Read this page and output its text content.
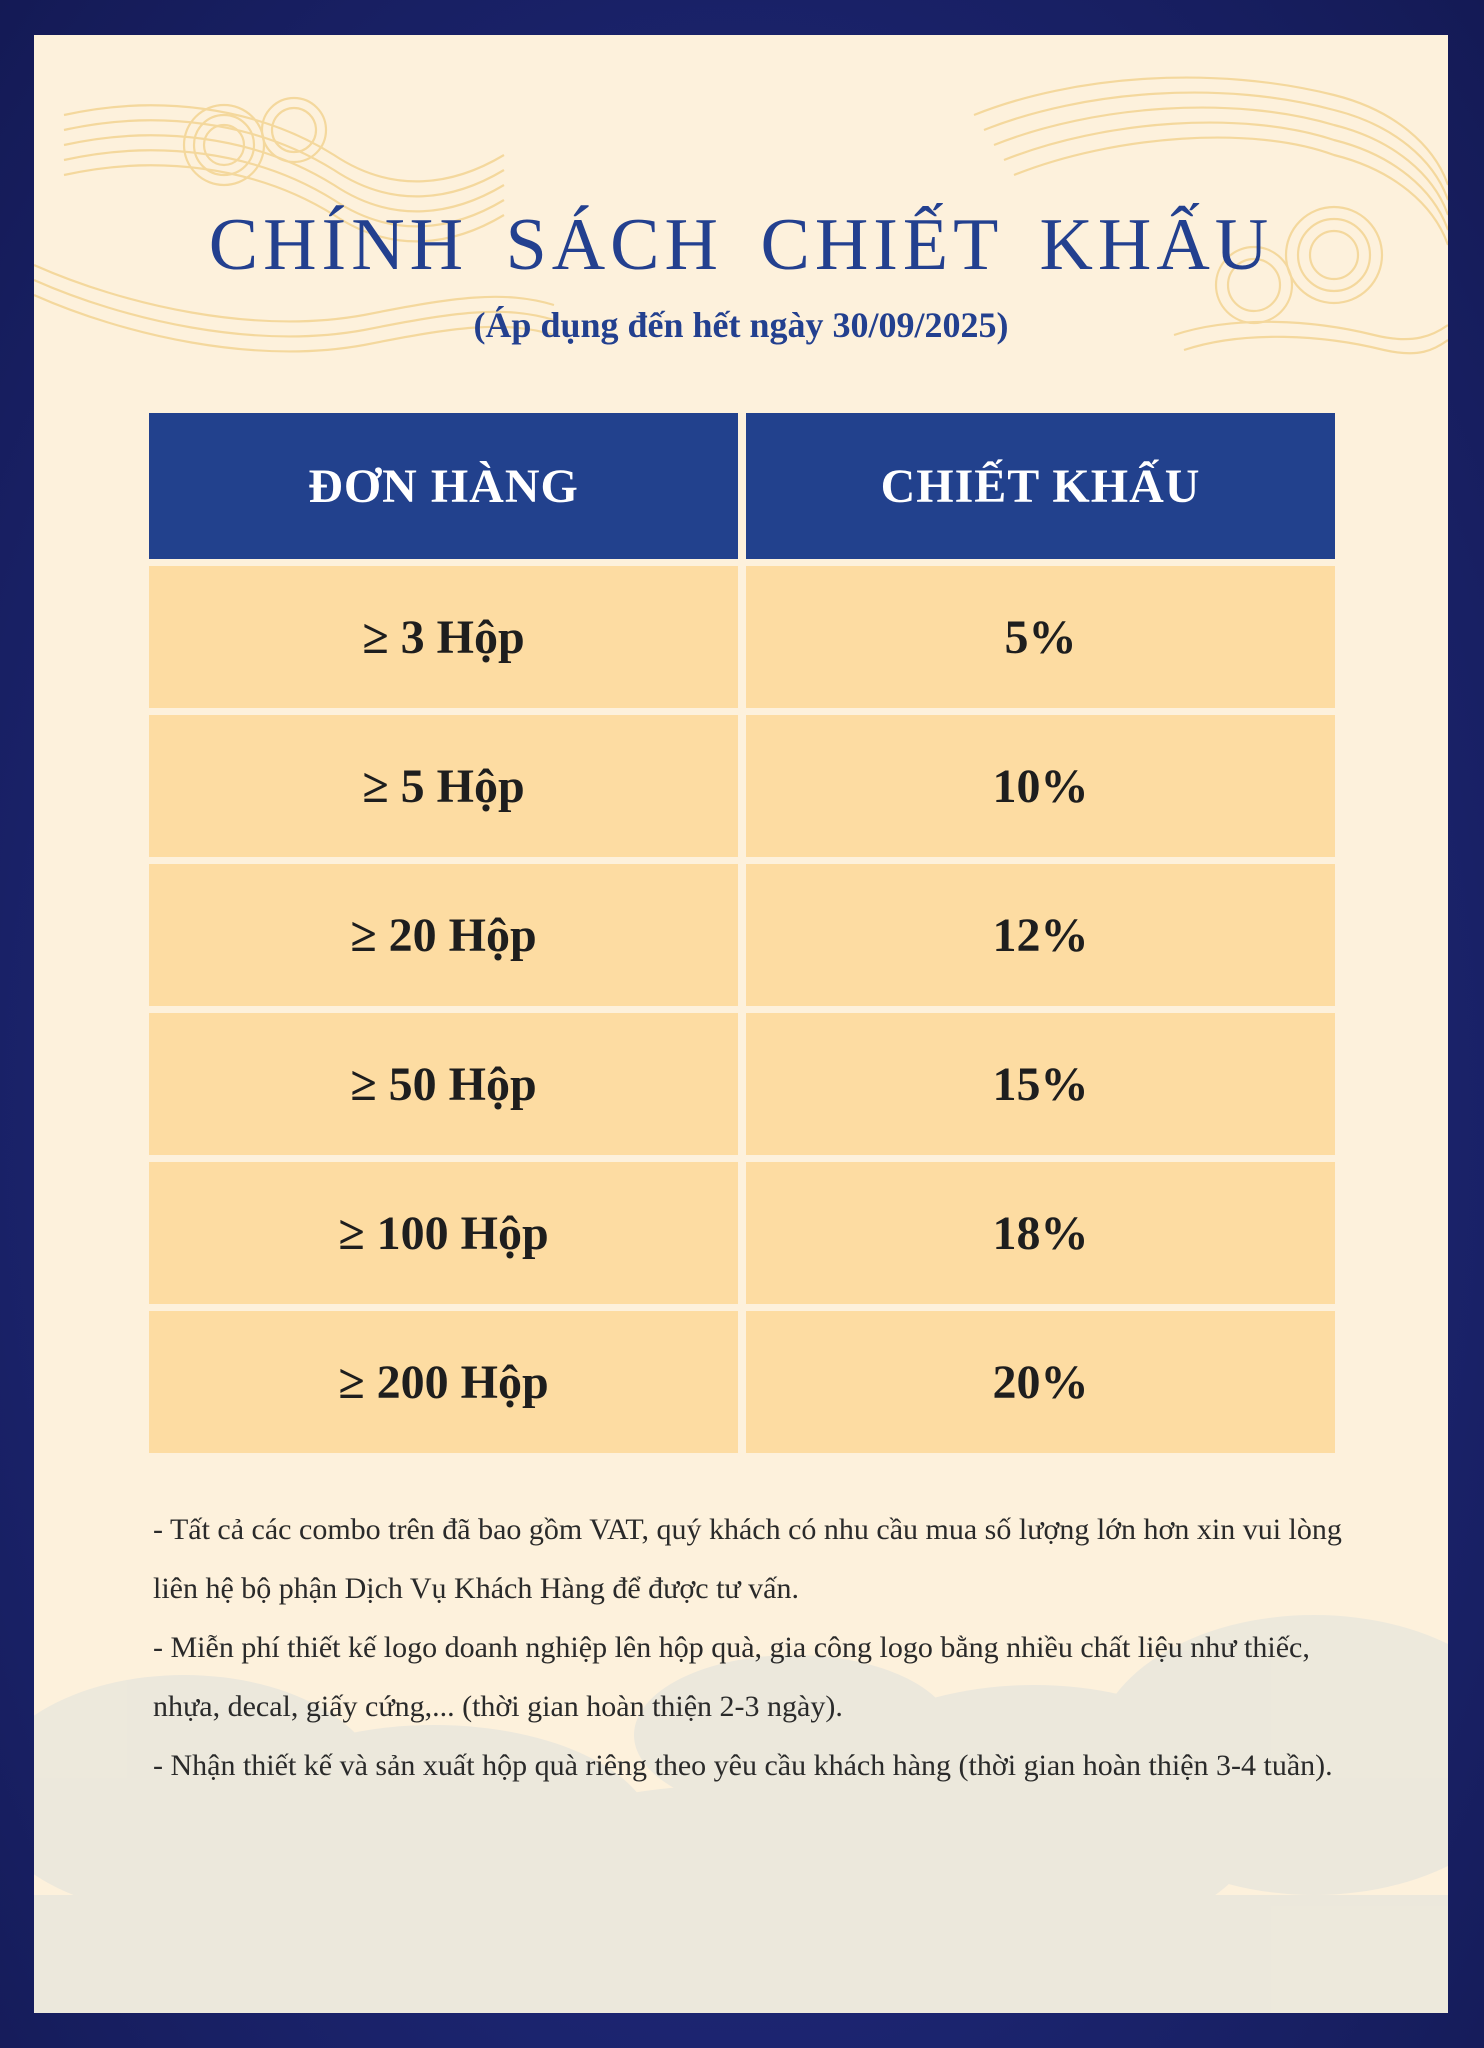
CHÍNH SÁCH CHIẾT KHẤU
(Áp dụng đến hết ngày 30/09/2025)
ĐƠN HÀNG	CHIẾT KHẤU
≥ 3 Hộp	5%
≥ 5 Hộp	10%
≥ 20 Hộp	12%
≥ 50 Hộp	15%
≥ 100 Hộp	18%
≥ 200 Hộp	20%

- Tất cả các combo trên đã bao gồm VAT, quý khách có nhu cầu mua số lượng lớn hơn xin vui lòng liên hệ bộ phận Dịch Vụ Khách Hàng để được tư vấn.

- Miễn phí thiết kế logo doanh nghiệp lên hộp quà, gia công logo bằng nhiều chất liệu như thiếc, nhựa, decal, giấy cứng,... (thời gian hoàn thiện 2-3 ngày).

- Nhận thiết kế và sản xuất hộp quà riêng theo yêu cầu khách hàng (thời gian hoàn thiện 3-4 tuần).
